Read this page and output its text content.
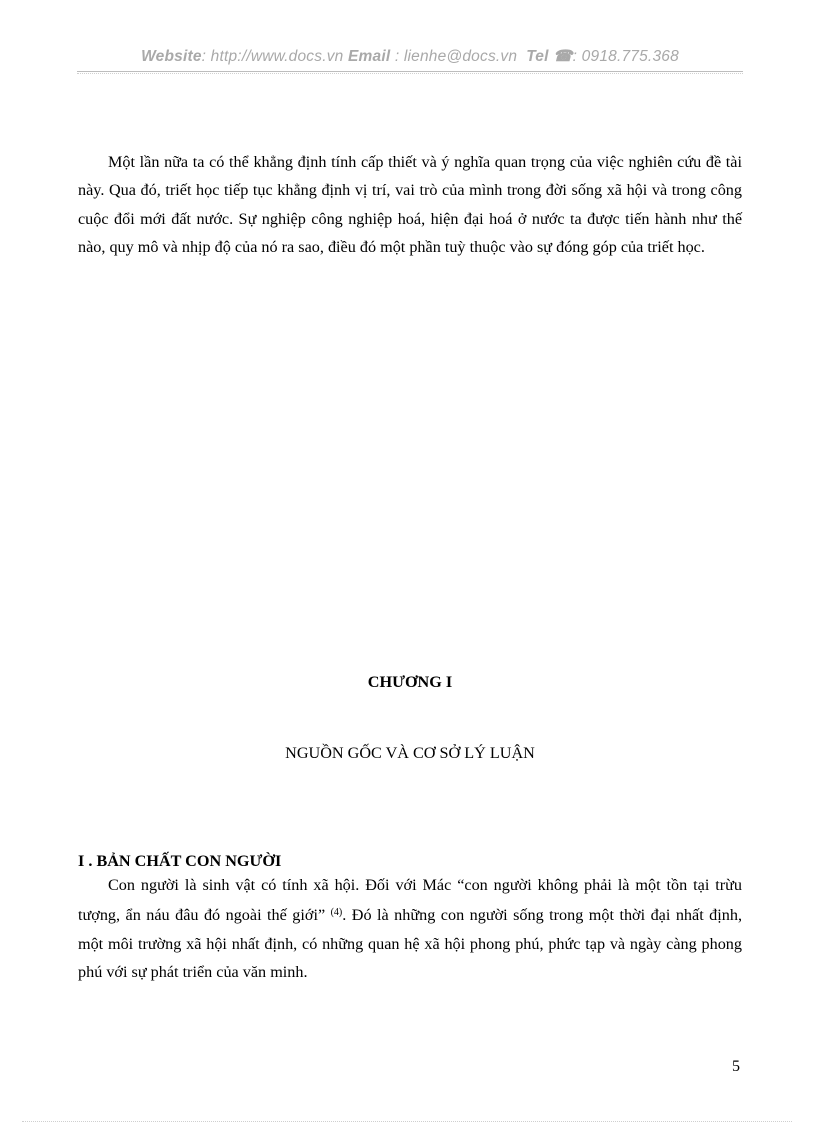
Website: http://www.docs.vn Email : lienhe@docs.vn  Tel ☎: 0918.775.368

Một lần nữa ta có thể khẳng định tính cấp thiết và ý nghĩa quan trọng của việc nghiên cứu đề tài này. Qua đó, triết học tiếp tục khẳng định vị trí, vai trò của mình trong đời sống xã hội và trong công cuộc đổi mới đất nước. Sự nghiệp công nghiệp hoá, hiện đại hoá ở nước ta được tiến hành như thế nào, quy mô và nhịp độ của nó ra sao, điều đó một phần tuỳ thuộc vào sự đóng góp của triết học.

CHƯƠNG I
NGUỒN GỐC VÀ CƠ SỞ LÝ LUẬN
I . BẢN CHẤT CON NGƯỜI

Con người là sinh vật có tính xã hội. Đối với Mác “con người không phải là một tồn tại trừu tượng, ẩn náu đâu đó ngoài thế giới” $^{(4)}$. Đó là những con người sống trong một thời đại nhất định, một môi trường xã hội nhất định, có những quan hệ xã hội phong phú, phức tạp và ngày càng phong phú với sự phát triển của văn minh.

5
